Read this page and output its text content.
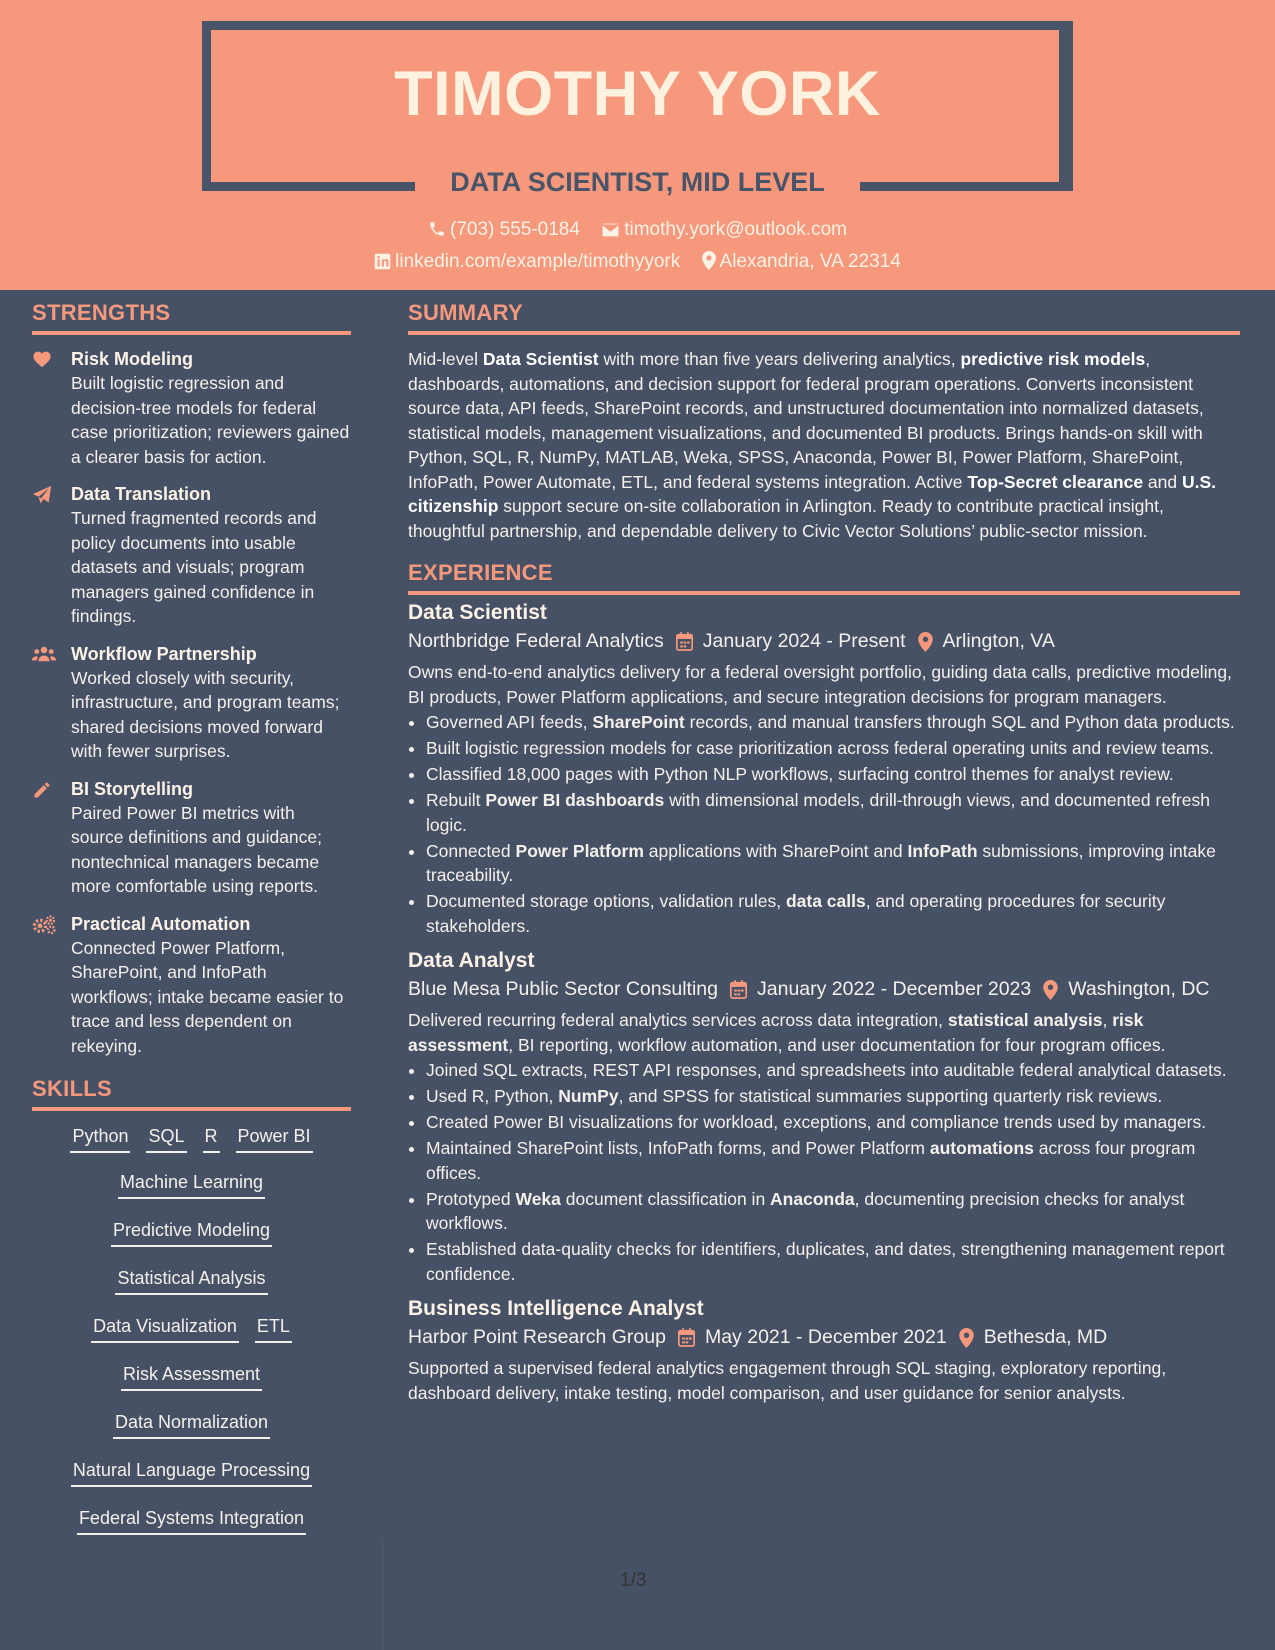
TIMOTHY YORK
DATA SCIENTIST, MID LEVEL
(703) 555-0184 timothy.york@outlook.com
linkedin.com/example/timothyyork Alexandria, VA 22314
STRENGTHS
Risk Modeling
Built logistic regression and decision-tree models for federal case prioritization; reviewers gained a clearer basis for action.
Data Translation
Turned fragmented records and policy documents into usable datasets and visuals; program managers gained confidence in findings.
Workflow Partnership
Worked closely with security, infrastructure, and program teams; shared decisions moved forward with fewer surprises.
BI Storytelling
Paired Power BI metrics with source definitions and guidance; nontechnical managers became more comfortable using reports.
Practical Automation
Connected Power Platform, SharePoint, and InfoPath workflows; intake became easier to trace and less dependent on rekeying.
SKILLS
Python SQL R Power BI
Machine Learning
Predictive Modeling
Statistical Analysis
Data Visualization ETL
Risk Assessment
Data Normalization
Natural Language Processing
Federal Systems Integration
SUMMARY
Mid-level Data Scientist with more than five years delivering analytics, predictive risk models, dashboards, automations, and decision support for federal program operations. Converts inconsistent source data, API feeds, SharePoint records, and unstructured documentation into normalized datasets, statistical models, management visualizations, and documented BI products. Brings hands-on skill with Python, SQL, R, NumPy, MATLAB, Weka, SPSS, Anaconda, Power BI, Power Platform, SharePoint, InfoPath, Power Automate, ETL, and federal systems integration. Active Top-Secret clearance and U.S. citizenship support secure on-site collaboration in Arlington. Ready to contribute practical insight, thoughtful partnership, and dependable delivery to Civic Vector Solutions’ public-sector mission.
EXPERIENCE
Data Scientist
Northbridge Federal Analytics January 2024 - Present Arlington, VA
Owns end-to-end analytics delivery for a federal oversight portfolio, guiding data calls, predictive modeling, BI products, Power Platform applications, and secure integration decisions for program managers.
• Governed API feeds, SharePoint records, and manual transfers through SQL and Python data products.
• Built logistic regression models for case prioritization across federal operating units and review teams.
• Classified 18,000 pages with Python NLP workflows, surfacing control themes for analyst review.
• Rebuilt Power BI dashboards with dimensional models, drill-through views, and documented refresh logic.
• Connected Power Platform applications with SharePoint and InfoPath submissions, improving intake traceability.
• Documented storage options, validation rules, data calls, and operating procedures for security stakeholders.
Data Analyst
Blue Mesa Public Sector Consulting January 2022 - December 2023 Washington, DC
Delivered recurring federal analytics services across data integration, statistical analysis, risk assessment, BI reporting, workflow automation, and user documentation for four program offices.
• Joined SQL extracts, REST API responses, and spreadsheets into auditable federal analytical datasets.
• Used R, Python, NumPy, and SPSS for statistical summaries supporting quarterly risk reviews.
• Created Power BI visualizations for workload, exceptions, and compliance trends used by managers.
• Maintained SharePoint lists, InfoPath forms, and Power Platform automations across four program offices.
• Prototyped Weka document classification in Anaconda, documenting precision checks for analyst workflows.
• Established data-quality checks for identifiers, duplicates, and dates, strengthening management report confidence.
Business Intelligence Analyst
Harbor Point Research Group May 2021 - December 2021 Bethesda, MD
Supported a supervised federal analytics engagement through SQL staging, exploratory reporting, dashboard delivery, intake testing, model comparison, and user guidance for senior analysts.
1/3
